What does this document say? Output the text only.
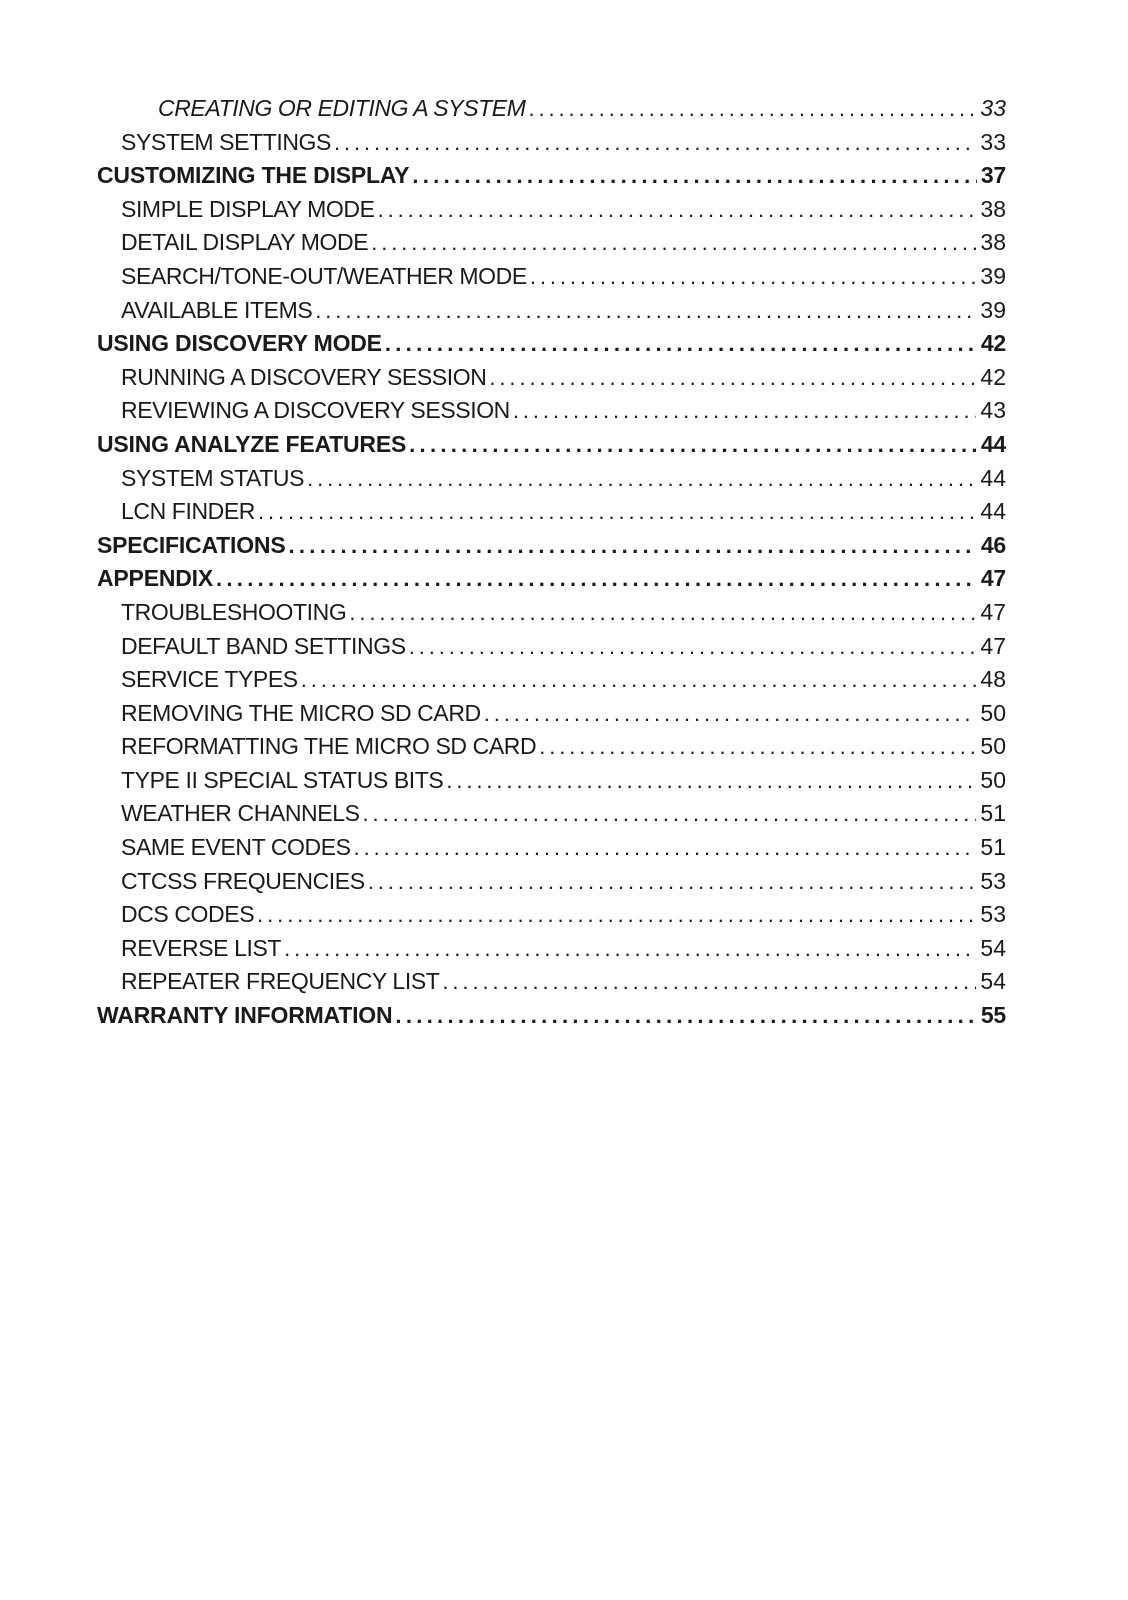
CREATING OR EDITING A SYSTEM .....	33
SYSTEM SETTINGS .....	33
CUSTOMIZING THE DISPLAY .....	37
SIMPLE DISPLAY MODE .....	38
DETAIL DISPLAY MODE .....	38
SEARCH/TONE-OUT/WEATHER MODE .....	39
AVAILABLE ITEMS .....	39
USING DISCOVERY MODE .....	42
RUNNING A DISCOVERY SESSION .....	42
REVIEWING A DISCOVERY SESSION .....	43
USING ANALYZE FEATURES .....	44
SYSTEM STATUS .....	44
LCN FINDER .....	44
SPECIFICATIONS .....	46
APPENDIX .....	47
TROUBLESHOOTING .....	47
DEFAULT BAND SETTINGS .....	47
SERVICE TYPES .....	48
REMOVING THE MICRO SD CARD .....	50
REFORMATTING THE MICRO SD CARD .....	50
TYPE II SPECIAL STATUS BITS .....	50
WEATHER CHANNELS .....	51
SAME EVENT CODES .....	51
CTCSS FREQUENCIES .....	53
DCS CODES .....	53
REVERSE LIST .....	54
REPEATER FREQUENCY LIST .....	54
WARRANTY INFORMATION .....	55
